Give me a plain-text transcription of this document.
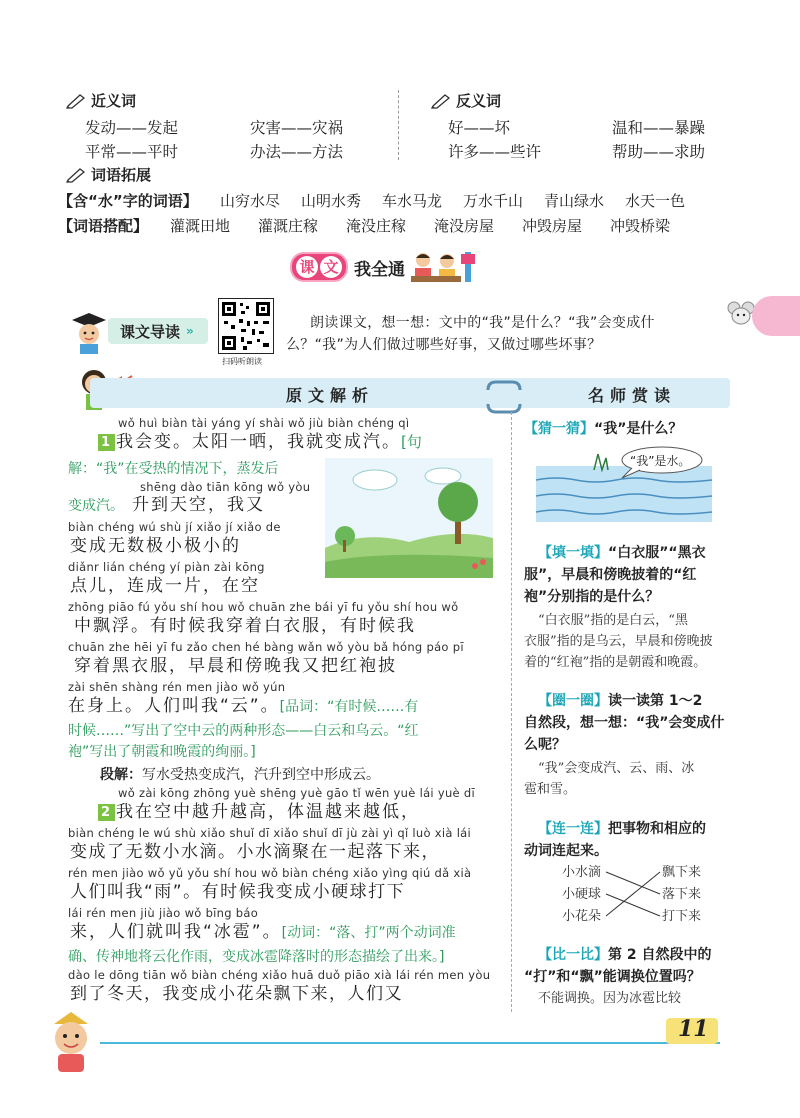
近义词
发动——发起	灾害——灾祸
平常——平时	办法——方法
反义词
好——坏	温和——暴躁
许多——些许	帮助——求助
词语拓展
【含“水”字的词语】	山穷水尽	山明水秀	车水马龙	万水千山	青山绿水	水天一色
【词语搭配】	灌溉田地	灌溉庄稼	淹没庄稼	淹没房屋	冲毁房屋	冲毁桥梁
课 文 我全通
课文导读 »
扫码听朗读
朗读课文，想一想：文中的“我”是什么？“我”会变成什
么？“我”为人们做过哪些好事，又做过哪些坏事？
原文解析	名师赏读
wǒ huì biàn tài yáng yí shài wǒ jiù biàn chéng qì
1 我会变。太阳一晒，我就变成汽。[句
解：“我”在受热的情况下，蒸发后
shēng dào tiān kōng wǒ yòu
变成汽。 升到天空，我又
biàn chéng wú shù jí xiǎo jí xiǎo de
变成无数极小极小的
diǎnr lián chéng yí piàn zài kōng
点儿，连成一片，在空
zhōng piāo fú yǒu shí hou wǒ chuān zhe bái yī fu yǒu shí hou wǒ
中飘浮。有时候我穿着白衣服，有时候我
chuān zhe hēi yī fu zǎo chen hé bàng wǎn wǒ yòu bǎ hóng páo pī
穿着黑衣服，早晨和傍晚我又把红袍披
zài shēn shàng rén men jiào wǒ yún
在身上。人们叫我“云”。[品词：“有时候……有
时候……”写出了空中云的两种形态——白云和乌云。“红
袍”写出了朝霞和晚霞的绚丽。]
段解：写水受热变成汽，汽升到空中形成云。
wǒ zài kōng zhōng yuè shēng yuè gāo tǐ wēn yuè lái yuè dī
2 我在空中越升越高，体温越来越低，
biàn chéng le wú shù xiǎo shuǐ dī xiǎo shuǐ dī jù zài yì qǐ luò xià lái
变成了无数小水滴。小水滴聚在一起落下来，
rén men jiào wǒ yǔ yǒu shí hou wǒ biàn chéng xiǎo yìng qiú dǎ xià
人们叫我“雨”。有时候我变成小硬球打下
lái rén men jiù jiào wǒ bīng báo
来，人们就叫我“冰雹”。[动词：“落、打”两个动词准
确、传神地将云化作雨，变成冰雹降落时的形态描绘了出来。]
dào le dōng tiān wǒ biàn chéng xiǎo huā duǒ piāo xià lái rén men yòu
到了冬天，我变成小花朵飘下来，人们又
【猜一猜】“我”是什么？
“我”是水。
【填一填】“白衣服”“黑衣
服”，早晨和傍晚披着的“红
袍”分别指的是什么？
“白衣服”指的是白云，“黑
衣服”指的是乌云，早晨和傍晚披
着的“红袍”指的是朝霞和晚霞。
【圈一圈】读一读第 1～2
自然段，想一想：“我”会变成什
么呢？
“我”会变成汽、云、雨、冰
雹和雪。
【连一连】把事物和相应的
动词连起来。
小水滴
小硬球
小花朵
飘下来
落下来
打下来
【比一比】第 2 自然段中的
“打”和“飘”能调换位置吗？
不能调换。因为冰雹比较
11
